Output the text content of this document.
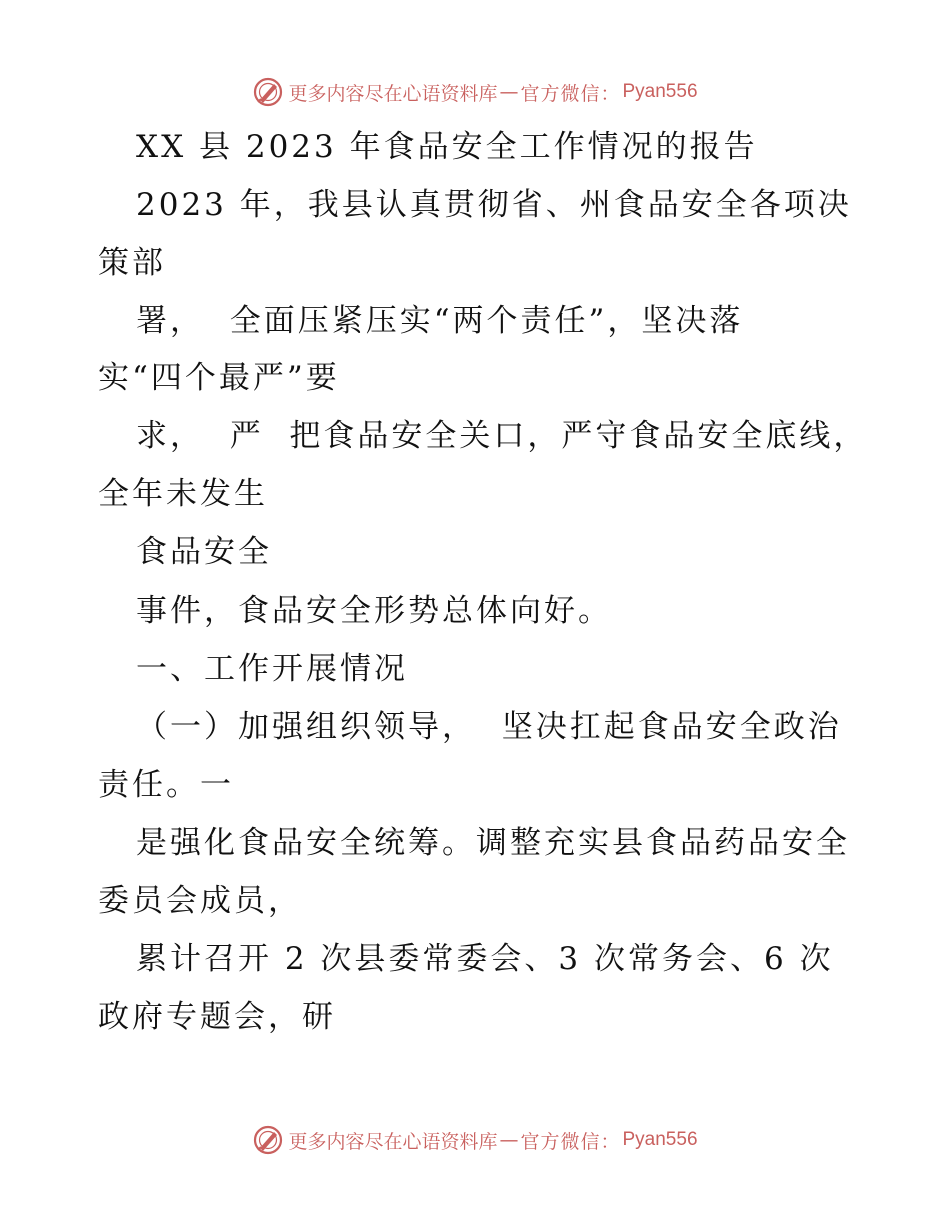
更多内容尽在心语资料库 — 官方微信： Pyan556
XX 县 2023 年食品安全工作情况的报告
2023 年，我县认真贯彻省、州食品安全各项决
策部
署，  全面压紧压实“两个责任”，坚决落
实“四个最严”要
求，  严  把食品安全关口，严守食品安全底线，
全年未发生
食品安全
事件，食品安全形势总体向好。
一、工作开展情况
（一）加强组织领导，  坚决扛起食品安全政治
责任。一
是强化食品安全统筹。调整充实县食品药品安全
委员会成员，
累计召开 2 次县委常委会、3 次常务会、6 次
政府专题会，研
更多内容尽在心语资料库 — 官方微信： Pyan556
